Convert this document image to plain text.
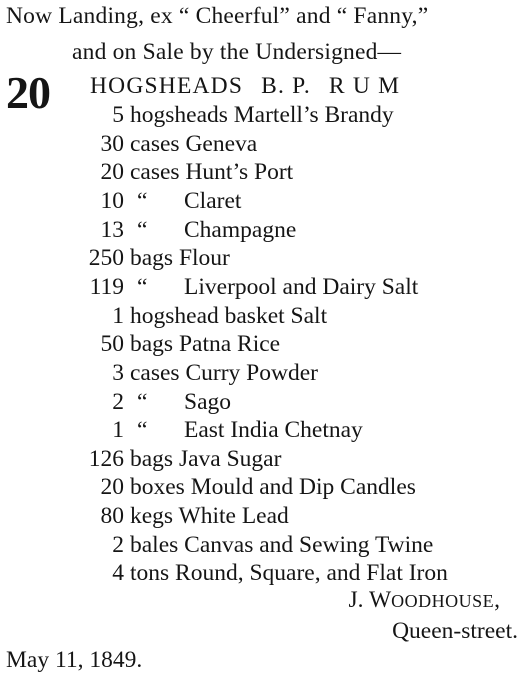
Now Landing, ex “ Cheerful” and “ Fanny,”
and on Sale by the Undersigned—
20 HOGSHEADS B. P. R U M
5 hogsheads Martell’s Brandy
30 cases Geneva
20 cases Hunt’s Port
10 “	Claret
13 “	Champagne
250 bags Flour
119 “	Liverpool and Dairy Salt
1 hogshead basket Salt
50 bags Patna Rice
3 cases Curry Powder
2 “	Sago
1 “	East India Chetnay
126 bags Java Sugar
20 boxes Mould and Dip Candles
80 kegs White Lead
2 bales Canvas and Sewing Twine
4 tons Round, Square, and Flat Iron
J. WOODHOUSE,
Queen-street.
May 11, 1849.
